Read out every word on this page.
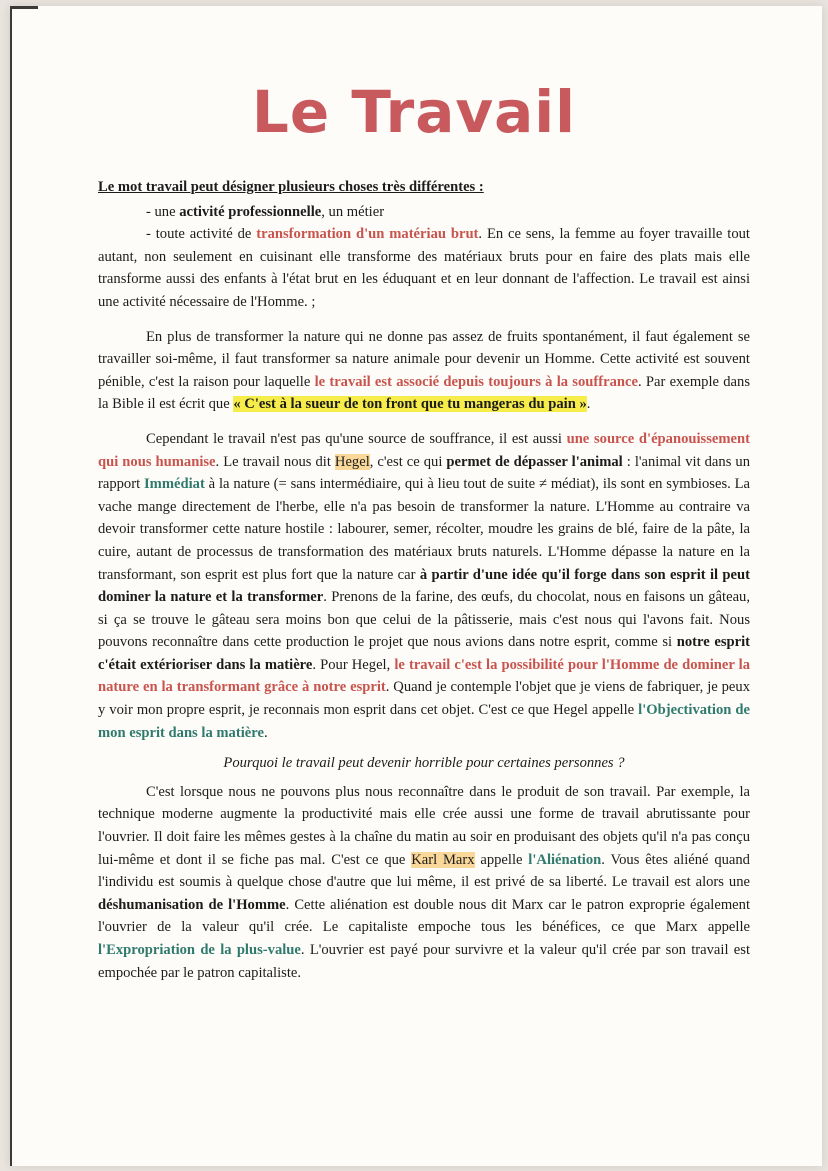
Le Travail

Le mot travail peut désigner plusieurs choses très différentes :

- une activité professionnelle, un métier

- toute activité de transformation d'un matériau brut. En ce sens, la femme au foyer travaille tout autant, non seulement en cuisinant elle transforme des matériaux bruts pour en faire des plats mais elle transforme aussi des enfants à l'état brut en les éduquant et en leur donnant de l'affection. Le travail est ainsi une activité nécessaire de l'Homme. ;

En plus de transformer la nature qui ne donne pas assez de fruits spontanément, il faut également se travailler soi-même, il faut transformer sa nature animale pour devenir un Homme. Cette activité est souvent pénible, c'est la raison pour laquelle le travail est associé depuis toujours à la souffrance. Par exemple dans la Bible il est écrit que « C'est à la sueur de ton front que tu mangeras du pain ».

Cependant le travail n'est pas qu'une source de souffrance, il est aussi une source d'épanouissement qui nous humanise. Le travail nous dit Hegel, c'est ce qui permet de dépasser l'animal : l'animal vit dans un rapport Immédiat à la nature (= sans intermédiaire, qui à lieu tout de suite ≠ médiat), ils sont en symbioses. La vache mange directement de l'herbe, elle n'a pas besoin de transformer la nature. L'Homme au contraire va devoir transformer cette nature hostile : labourer, semer, récolter, moudre les grains de blé, faire de la pâte, la cuire, autant de processus de transformation des matériaux bruts naturels. L'Homme dépasse la nature en la transformant, son esprit est plus fort que la nature car à partir d'une idée qu'il forge dans son esprit il peut dominer la nature et la transformer. Prenons de la farine, des œufs, du chocolat, nous en faisons un gâteau, si ça se trouve le gâteau sera moins bon que celui de la pâtisserie, mais c'est nous qui l'avons fait. Nous pouvons reconnaître dans cette production le projet que nous avions dans notre esprit, comme si notre esprit c'était extérioriser dans la matière. Pour Hegel, le travail c'est la possibilité pour l'Homme de dominer la nature en la transformant grâce à notre esprit. Quand je contemple l'objet que je viens de fabriquer, je peux y voir mon propre esprit, je reconnais mon esprit dans cet objet. C'est ce que Hegel appelle l'Objectivation de mon esprit dans la matière.

Pourquoi le travail peut devenir horrible pour certaines personnes ?

C'est lorsque nous ne pouvons plus nous reconnaître dans le produit de son travail. Par exemple, la technique moderne augmente la productivité mais elle crée aussi une forme de travail abrutissante pour l'ouvrier. Il doit faire les mêmes gestes à la chaîne du matin au soir en produisant des objets qu'il n'a pas conçu lui-même et dont il se fiche pas mal. C'est ce que Karl Marx appelle l'Aliénation. Vous êtes aliéné quand l'individu est soumis à quelque chose d'autre que lui même, il est privé de sa liberté. Le travail est alors une déshumanisation de l'Homme. Cette aliénation est double nous dit Marx car le patron exproprie également l'ouvrier de la valeur qu'il crée. Le capitaliste empoche tous les bénéfices, ce que Marx appelle l'Expropriation de la plus-value. L'ouvrier est payé pour survivre et la valeur qu'il crée par son travail est empochée par le patron capitaliste.
